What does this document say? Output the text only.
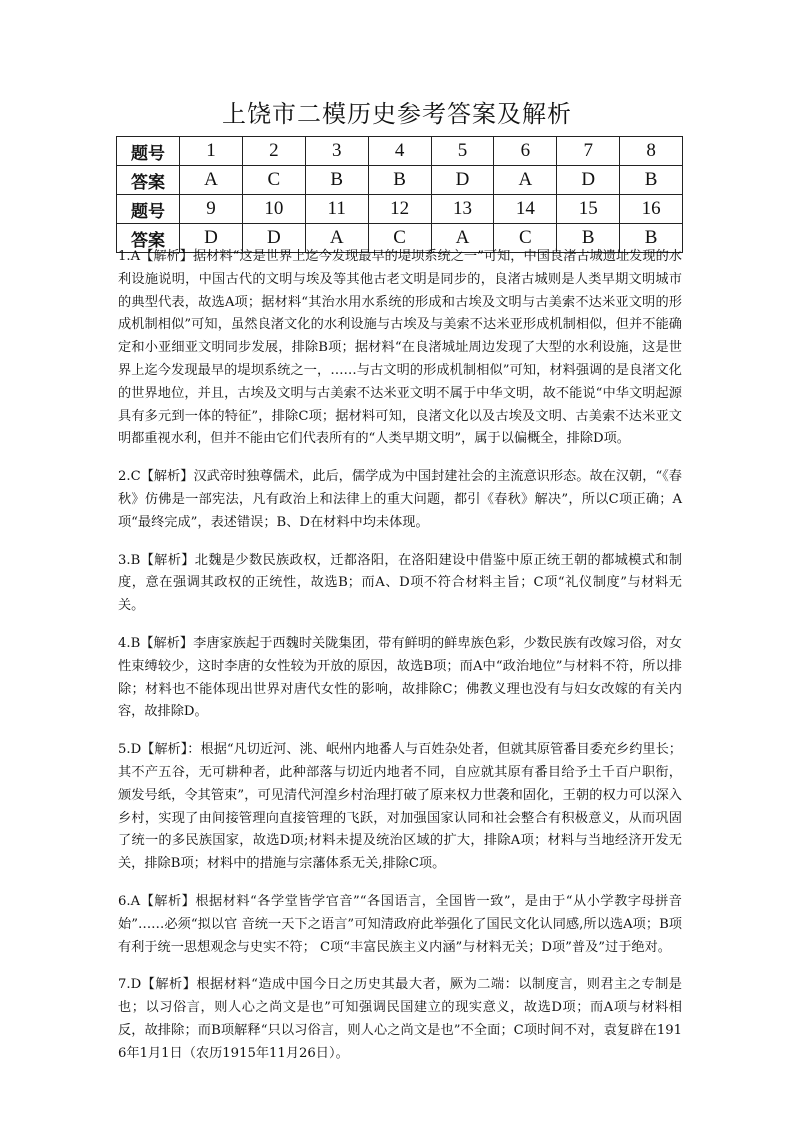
上饶市二模历史参考答案及解析
题号	1	2	3	4	5	6	7	8
答案	A	C	B	B	D	A	D	B
题号	9	10	11	12	13	14	15	16
答案	D	D	A	C	A	C	B	B

1.A【解析】据材料“这是世界上迄今发现最早的堤坝系统之一”可知，中国良渚古城遗址发现的水利设施说明，中国古代的文明与埃及等其他古老文明是同步的，良渚古城则是人类早期文明城市的典型代表，故选A项；据材料“其治水用水系统的形成和古埃及文明与古美索不达米亚文明的形成机制相似”可知，虽然良渚文化的水利设施与古埃及与美索不达米亚形成机制相似，但并不能确定和小亚细亚文明同步发展，排除B项；据材料“在良渚城址周边发现了大型的水利设施，这是世界上迄今发现最早的堤坝系统之一，……与古文明的形成机制相似”可知，材料强调的是良渚文化的世界地位，并且，古埃及文明与古美索不达米亚文明不属于中华文明，故不能说“中华文明起源具有多元到一体的特征”，排除C项；据材料可知，良渚文化以及古埃及文明、古美索不达米亚文明都重视水利，但并不能由它们代表所有的“人类早期文明”，属于以偏概全，排除D项。

2.C【解析】汉武帝时独尊儒术，此后，儒学成为中国封建社会的主流意识形态。故在汉朝，“《春秋》仿佛是一部宪法，凡有政治上和法律上的重大问题，都引《春秋》解决”，所以C项正确；A项“最终完成”，表述错误；B、D在材料中均未体现。

3.B【解析】北魏是少数民族政权，迁都洛阳，在洛阳建设中借鉴中原正统王朝的都城模式和制度，意在强调其政权的正统性，故选B；而A、D项不符合材料主旨；C项“礼仪制度”与材料无关。

4.B【解析】李唐家族起于西魏时关陇集团，带有鲜明的鲜卑族色彩，少数民族有改嫁习俗，对女性束缚较少，这时李唐的女性较为开放的原因，故选B项；而A中“政治地位”与材料不符，所以排除；材料也不能体现出世界对唐代女性的影响，故排除C；佛教义理也没有与妇女改嫁的有关内容，故排除D。

5.D【解析】：根据“凡切近河、洮、岷州内地番人与百姓杂处者，但就其原管番目委充乡约里长；其不产五谷，无可耕种者，此种部落与切近内地者不同，自应就其原有番目给予土千百户职衔，颁发号纸，令其管束”，可见清代河湟乡村治理打破了原来权力世袭和固化，王朝的权力可以深入乡村，实现了由间接管理向直接管理的飞跃，对加强国家认同和社会整合有积极意义，从而巩固了统一的多民族国家，故选D项;材料未提及统治区域的扩大，排除A项；材料与当地经济开发无关，排除B项；材料中的措施与宗藩体系无关,排除C项。

6.A【解析】根据材料“各学堂皆学官音”“各国语言，全国皆一致”，是由于“从小学教字母拼音始”……必须“拟以官 音统一天下之语言”可知清政府此举强化了国民文化认同感,所以选A项；B项有利于统一思想观念与史实不符； C项“丰富民族主义内涵”与材料无关；D项”普及”过于绝对。

7.D【解析】根据材料“造成中国今日之历史其最大者，厥为二端：以制度言，则君主之专制是也；以习俗言，则人心之尚文是也”可知强调民国建立的现实意义，故选D项；而A项与材料相反，故排除；而B项解释“只以习俗言，则人心之尚文是也”不全面；C项时间不对，袁复辟在1916年1月1日（农历1915年11月26日）。
